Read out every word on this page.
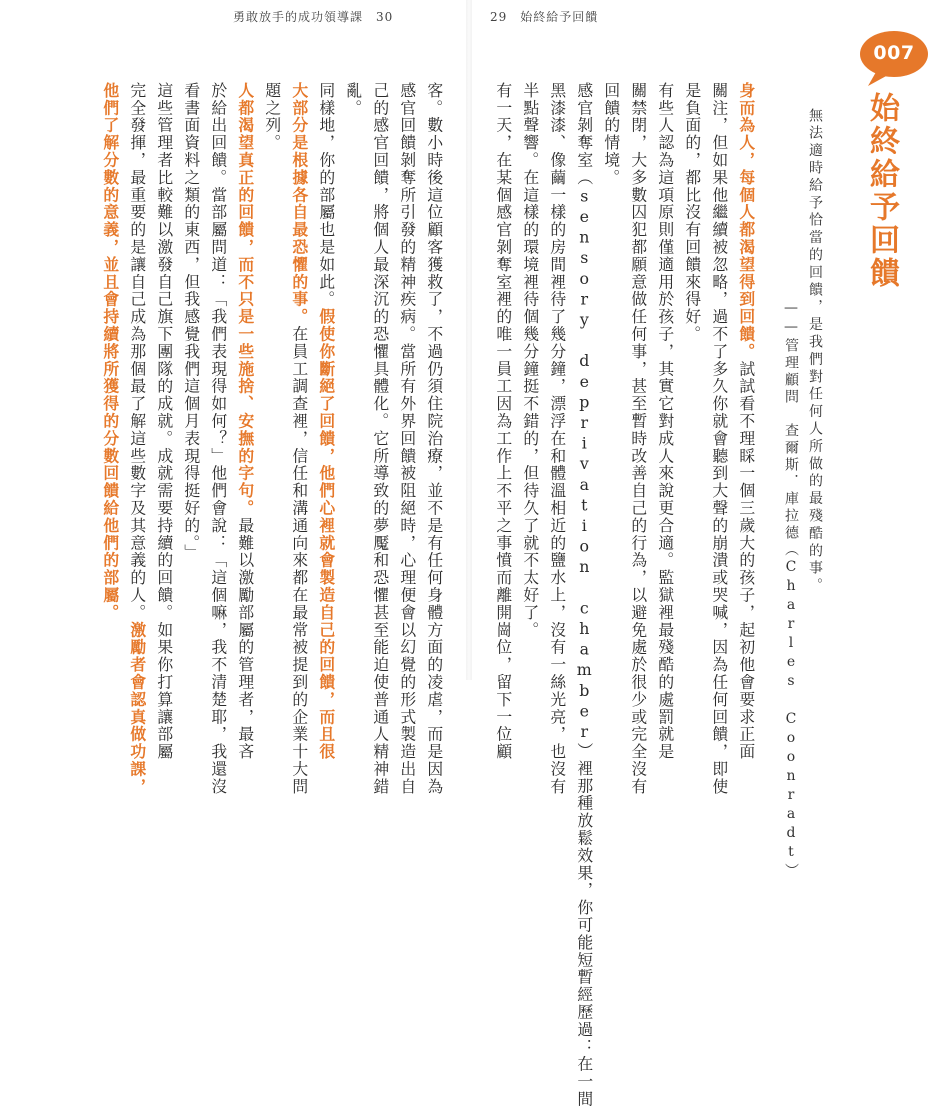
勇敢放手的成功領導課　30	29　始終給予回饋
007
始終給予回饋
無法適時給予恰當的回饋，是我們對任何人所做的最殘酷的事。
——管理顧問　查爾斯．庫拉德（Charles Coonradt）
身而為人，每個人都渴望得到回饋。試試看不理睬一個三歲大的孩子，起初他會要求正面
關注，但如果他繼續被忽略，過不了多久你就會聽到大聲的崩潰或哭喊，因為任何回饋，即使
是負面的，都比沒有回饋來得好。
有些人認為這項原則僅適用於孩子，其實它對成人來說更合適。監獄裡最殘酷的處罰就是
關禁閉，大多數囚犯都願意做任何事，甚至暫時改善自己的行為，以避免處於很少或完全沒有
回饋的情境。
感官剝奪室（sensory deprivation chamber）裡那種放鬆效果，你可能短暫經歷過：在一間
黑漆漆、像繭一樣的房間裡待了幾分鐘，漂浮在和體溫相近的鹽水上，沒有一絲光亮，也沒有
半點聲響。在這樣的環境裡待個幾分鐘挺不錯的，但待久了就不太好了。
有一天，在某個感官剝奪室裡的唯一員工因為工作上不平之事憤而離開崗位，留下一位顧
客。數小時後這位顧客獲救了，不過仍須住院治療，並不是有任何身體方面的凌虐，而是因為
感官回饋剝奪所引發的精神疾病。當所有外界回饋被阻絕時，心理便會以幻覺的形式製造出自
己的感官回饋，將個人最深沉的恐懼具體化。它所導致的夢魘和恐懼甚至能迫使普通人精神錯
亂。
同樣地，你的部屬也是如此。假使你斷絕了回饋，他們心裡就會製造自己的回饋，而且很
大部分是根據各自最恐懼的事。在員工調查裡，信任和溝通向來都在最常被提到的企業十大問
題之列。
人都渴望真正的回饋，而不只是一些施捨、安撫的字句。最難以激勵部屬的管理者，最吝
於給出回饋。當部屬問道：「我們表現得如何？」他們會說：「這個嘛，我不清楚耶，我還沒
看書面資料之類的東西，但我感覺我們這個月表現得挺好的。」
這些管理者比較難以激發自己旗下團隊的成就。成就需要持續的回饋。如果你打算讓部屬
完全發揮，最重要的是讓自己成為那個最了解這些數字及其意義的人。激勵者會認真做功課，
他們了解分數的意義，並且會持續將所獲得的分數回饋給他們的部屬。
